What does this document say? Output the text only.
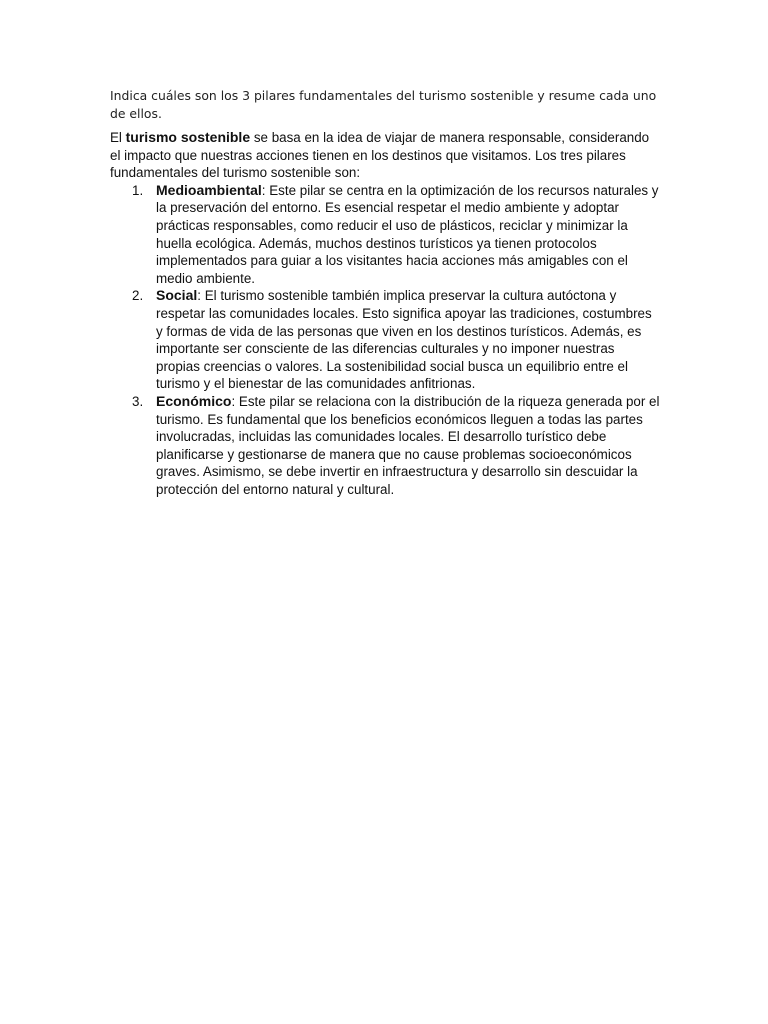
Indica cuáles son los 3 pilares fundamentales del turismo sostenible y resume cada uno de ellos.

El turismo sostenible se basa en la idea de viajar de manera responsable, considerando el impacto que nuestras acciones tienen en los destinos que visitamos. Los tres pilares fundamentales del turismo sostenible son:

1. Medioambiental: Este pilar se centra en la optimización de los recursos naturales y la preservación del entorno. Es esencial respetar el medio ambiente y adoptar prácticas responsables, como reducir el uso de plásticos, reciclar y minimizar la huella ecológica. Además, muchos destinos turísticos ya tienen protocolos implementados para guiar a los visitantes hacia acciones más amigables con el medio ambiente.
2. Social: El turismo sostenible también implica preservar la cultura autóctona y respetar las comunidades locales. Esto significa apoyar las tradiciones, costumbres y formas de vida de las personas que viven en los destinos turísticos. Además, es importante ser consciente de las diferencias culturales y no imponer nuestras propias creencias o valores. La sostenibilidad social busca un equilibrio entre el turismo y el bienestar de las comunidades anfitrionas.
3. Económico: Este pilar se relaciona con la distribución de la riqueza generada por el turismo. Es fundamental que los beneficios económicos lleguen a todas las partes involucradas, incluidas las comunidades locales. El desarrollo turístico debe planificarse y gestionarse de manera que no cause problemas socioeconómicos graves. Asimismo, se debe invertir en infraestructura y desarrollo sin descuidar la protección del entorno natural y cultural.
